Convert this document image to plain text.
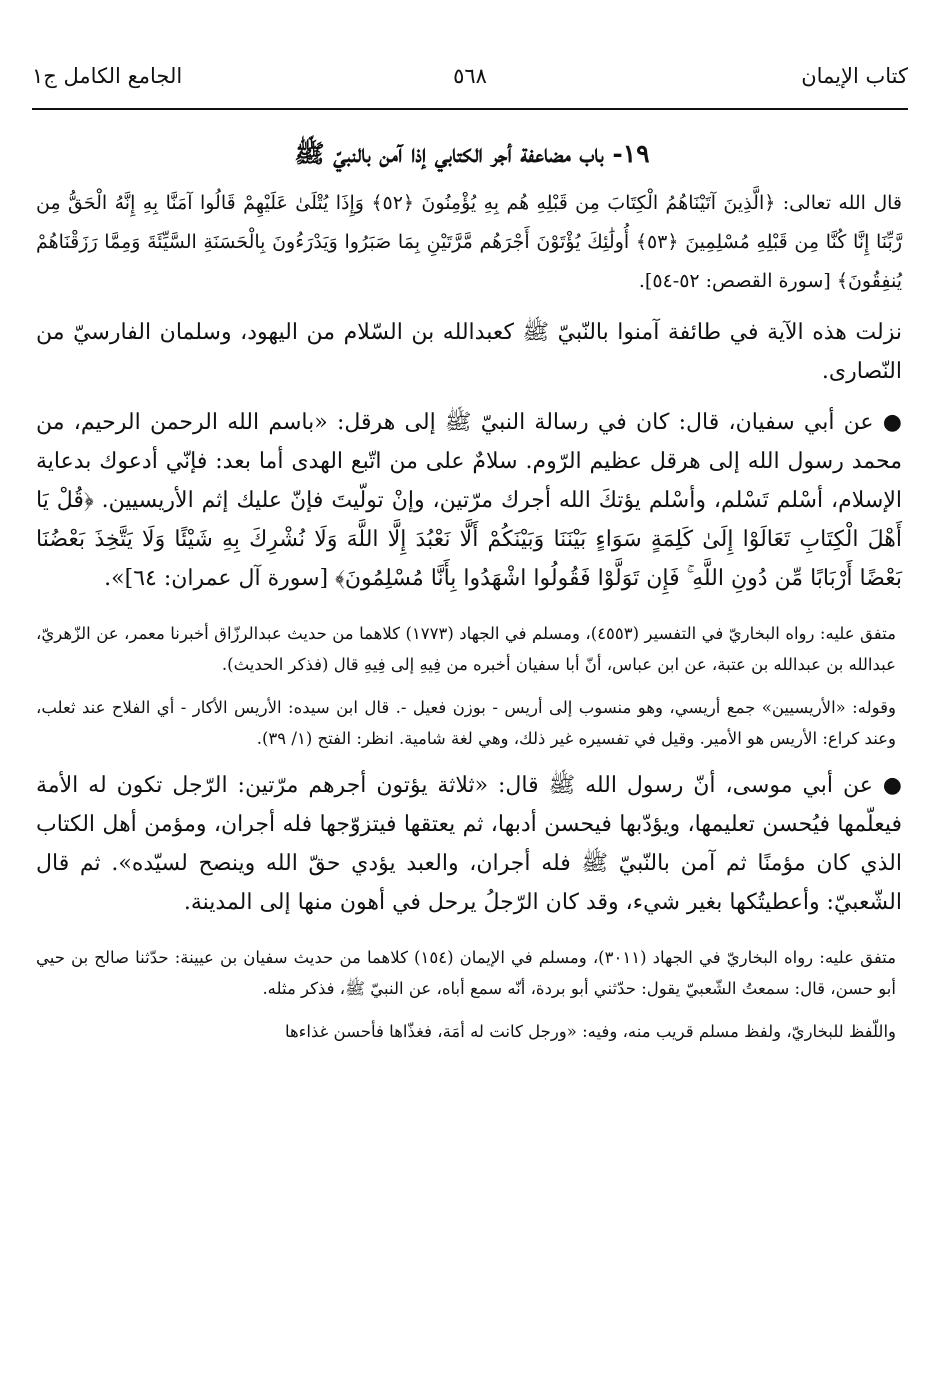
كتاب الإيمان
٥٦٨
الجامع الكامل ج١
١٩- باب مضاعفة أجر الكتابي إذا آمن بالنبيّ ﷺ

قال الله تعالى: ﴿الَّذِينَ آتَيْنَاهُمُ الْكِتَابَ مِن قَبْلِهِ هُم بِهِ يُؤْمِنُونَ ﴿٥٢﴾ وَإِذَا يُتْلَىٰ عَلَيْهِمْ قَالُوا آمَنَّا بِهِ إِنَّهُ الْحَقُّ مِن رَّبِّنَا إِنَّا كُنَّا مِن قَبْلِهِ مُسْلِمِينَ ﴿٥٣﴾ أُولَٰئِكَ يُؤْتَوْنَ أَجْرَهُم مَّرَّتَيْنِ بِمَا صَبَرُوا وَيَدْرَءُونَ بِالْحَسَنَةِ السَّيِّئَةَ وَمِمَّا رَزَقْنَاهُمْ يُنفِقُونَ﴾ [سورة القصص: ٥٢-٥٤].

نزلت هذه الآية في طائفة آمنوا بالنّبيّ ﷺ كعبدالله بن السّلام من اليهود، وسلمان الفارسيّ من النّصارى.

● عن أبي سفيان، قال: كان في رسالة النبيّ ﷺ إلى هرقل: «باسم الله الرحمن الرحيم، من محمد رسول الله إلى هرقل عظيم الرّوم. سلامٌ على من اتّبع الهدى أما بعد: فإنّي أدعوك بدعاية الإسلام، أسْلم تَسْلم، وأسْلم يؤتكَ الله أجرك مرّتين، وإنْ تولّيتَ فإنّ عليك إثم الأريسيين. ﴿قُلْ يَا أَهْلَ الْكِتَابِ تَعَالَوْا إِلَىٰ كَلِمَةٍ سَوَاءٍ بَيْنَنَا وَبَيْنَكُمْ أَلَّا نَعْبُدَ إِلَّا اللَّهَ وَلَا نُشْرِكَ بِهِ شَيْئًا وَلَا يَتَّخِذَ بَعْضُنَا بَعْضًا أَرْبَابًا مِّن دُونِ اللَّهِ ۚ فَإِن تَوَلَّوْا فَقُولُوا اشْهَدُوا بِأَنَّا مُسْلِمُونَ﴾ [سورة آل عمران: ٦٤]».

متفق عليه: رواه البخاريّ في التفسير (٤٥٥٣)، ومسلم في الجهاد (١٧٧٣) كلاهما من حديث عبدالرزّاق أخبرنا معمر، عن الزّهريّ، عبدالله بن عبدالله بن عتبة، عن ابن عباس، أنّ أبا سفيان أخبره من فِيهِ إلى فِيهِ قال (فذكر الحديث).

وقوله: «الأريسيين» جمع أريسي، وهو منسوب إلى أريس - بوزن فعيل -. قال ابن سيده: الأريس الأكار - أي الفلاح عند ثعلب، وعند كراع: الأريس هو الأمير. وقيل في تفسيره غير ذلك، وهي لغة شامية. انظر: الفتح (١/ ٣٩).

● عن أبي موسى، أنّ رسول الله ﷺ قال: «ثلاثة يؤتون أجرهم مرّتين: الرّجل تكون له الأمة فيعلّمها فيُحسن تعليمها، ويؤدّبها فيحسن أدبها، ثم يعتقها فيتزوّجها فله أجران، ومؤمن أهل الكتاب الذي كان مؤمنًا ثم آمن بالنّبيّ ﷺ فله أجران، والعبد يؤدي حقّ الله وينصح لسيّده». ثم قال الشّعبيّ: وأعطيتُكها بغير شيء، وقد كان الرّجلُ يرحل في أهون منها إلى المدينة.

متفق عليه: رواه البخاريّ في الجهاد (٣٠١١)، ومسلم في الإيمان (١٥٤) كلاهما من حديث سفيان بن عيينة: حدّثنا صالح بن حيي أبو حسن، قال: سمعتُ الشّعبيّ يقول: حدّثني أبو بردة، أنّه سمع أباه، عن النبيّ ﷺ، فذكر مثله.

واللّفظ للبخاريّ، ولفظ مسلم قريب منه، وفيه: «ورجل كانت له أمَة، فغذّاها فأحسن غذاءها
